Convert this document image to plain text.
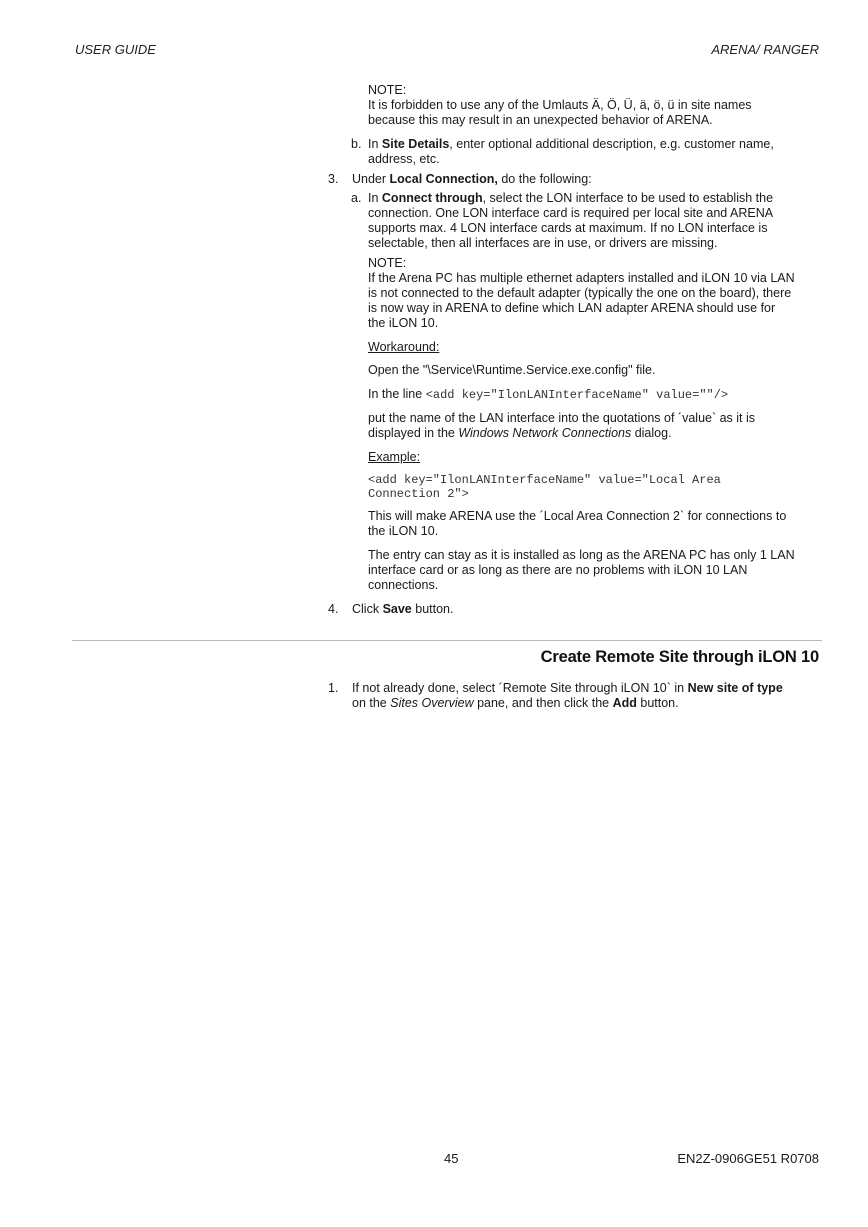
USER GUIDE	ARENA/ RANGER
NOTE:
It is forbidden to use any of the Umlauts Ä, Ö, Ü, ä, ö, ü in site names
because this may result in an unexpected behavior of ARENA.
b. In Site Details, enter optional additional description, e.g. customer name,
address, etc.
3. Under Local Connection, do the following:
a. In Connect through, select the LON interface to be used to establish the
connection. One LON interface card is required per local site and ARENA
supports max. 4 LON interface cards at maximum. If no LON interface is
selectable, then all interfaces are in use, or drivers are missing.
NOTE:
If the Arena PC has multiple ethernet adapters installed and iLON 10 via LAN
is not connected to the default adapter (typically the one on the board), there
is now way in ARENA to define which LAN adapter ARENA should use for
the iLON 10.
Workaround:
Open the "\Service\Runtime.Service.exe.config" file.
In the line <add key="IlonLANInterfaceName" value=""/>
put the name of the LAN interface into the quotations of ´value` as it is
displayed in the Windows Network Connections dialog.
Example:
<add key="IlonLANInterfaceName" value="Local Area
Connection 2">
This will make ARENA use the ´Local Area Connection 2` for connections to
the iLON 10.
The entry can stay as it is installed as long as the ARENA PC has only 1 LAN
interface card or as long as there are no problems with iLON 10 LAN
connections.
4. Click Save button.
Create Remote Site through iLON 10
1. If not already done, select ´Remote Site through iLON 10` in New site of type
on the Sites Overview pane, and then click the Add button.
45	EN2Z-0906GE51 R0708
